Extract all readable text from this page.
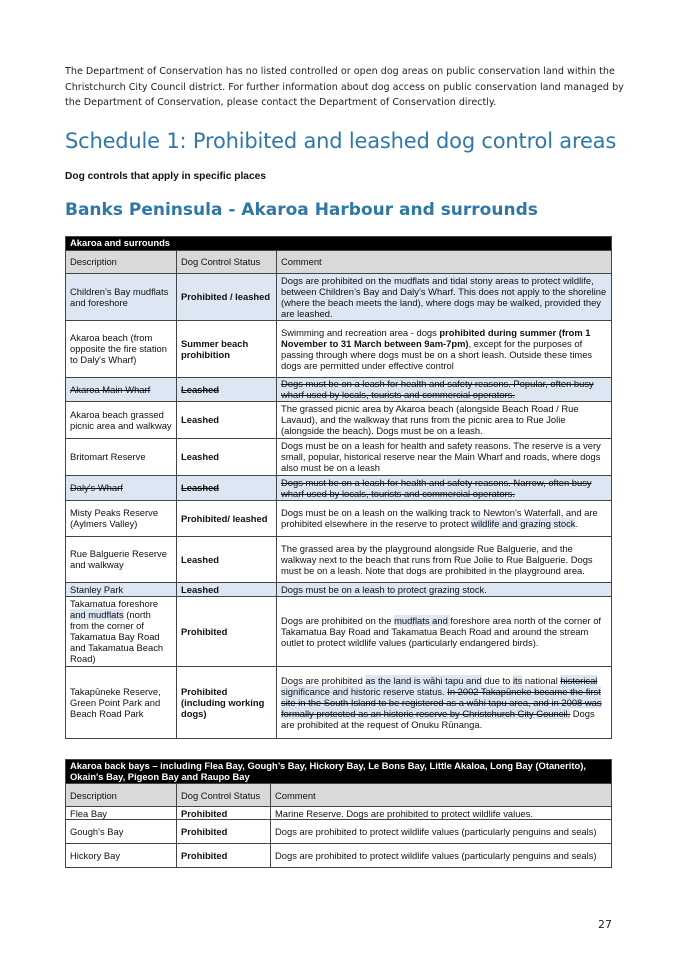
The Department of Conservation has no listed controlled or open dog areas on public conservation land within the Christchurch City Council district. For further information about dog access on public conservation land managed by the Department of Conservation, please contact the Department of Conservation directly.
Schedule 1: Prohibited and leashed dog control areas
Dog controls that apply in specific places
Banks Peninsula - Akaroa Harbour and surrounds
Akaroa and surrounds		
Description	Dog Control Status	Comment
Children’s Bay mudflats and foreshore	Prohibited / leashed	Dogs are prohibited on the mudflats and tidal stony areas to protect wildlife, between Children’s Bay and Daly’s Wharf. This does not apply to the shoreline (where the beach meets the land), where dogs may be walked, provided they are leashed.
Akaroa beach (from opposite the fire station to Daly's Wharf)	Summer beach prohibition	Swimming and recreation area - dogs prohibited during summer (from 1 November to 31 March between 9am-7pm), except for the purposes of passing through where dogs must be on a short leash. Outside these times dogs are permitted under effective control
Akaroa Main Wharf	Leashed	Dogs must be on a leash for health and safety reasons. Popular, often busy wharf used by locals, tourists and commercial operators.
Akaroa beach grassed picnic area and walkway	Leashed	The grassed picnic area by Akaroa beach (alongside Beach Road / Rue Lavaud), and the walkway that runs from the picnic area to Rue Jolie (alongside the beach). Dogs must be on a leash.
Britomart Reserve	Leashed	Dogs must be on a leash for health and safety reasons. The reserve is a very small, popular, historical reserve near the Main Wharf and roads, where dogs also must be on a leash
Daly's Wharf	Leashed	Dogs must be on a leash for health and safety reasons. Narrow, often busy wharf used by locals, tourists and commercial operators.
Misty Peaks Reserve (Aylmers Valley)	Prohibited/ leashed	Dogs must be on a leash on the walking track to Newton's Waterfall, and are prohibited elsewhere in the reserve to protect wildlife and grazing stock.
Rue Balguerie Reserve and walkway	Leashed	The grassed area by the playground alongside Rue Balguerie, and the walkway next to the beach that runs from Rue Jolie to Rue Balguerie. Dogs must be on a leash. Note that dogs are prohibited in the playground area.
Stanley Park	Leashed	Dogs must be on a leash to protect grazing stock.
Takamatua foreshore and mudflats (north from the corner of Takamatua Bay Road and Takamatua Beach Road)	Prohibited	Dogs are prohibited on the mudflats and foreshore area north of the corner of Takamatua Bay Road and Takamatua Beach Road and around the stream outlet to protect wildlife values (particularly endangered birds).
Takapūneke Reserve, Green Point Park and Beach Road Park	Prohibited (including working dogs)	Dogs are prohibited as the land is wāhi tapu and due to its national historical significance and historic reserve status. In 2002 Takapūneke became the first site in the South Island to be registered as a wāhi tapu area, and in 2008 was formally protected as an historic reserve by Christchurch City Council. Dogs are prohibited at the request of Onuku Rūnanga.
Akaroa back bays – including Flea Bay, Gough’s Bay, Hickory Bay, Le Bons Bay, Little Akaloa, Long Bay (Otanerito), Okain's Bay, Pigeon Bay and Raupo Bay		
Description	Dog Control Status	Comment
Flea Bay	Prohibited	Marine Reserve. Dogs are prohibited to protect wildlife values.
Gough's Bay	Prohibited	Dogs are prohibited to protect wildlife values (particularly penguins and seals)
Hickory Bay	Prohibited	Dogs are prohibited to protect wildlife values (particularly penguins and seals)
27
